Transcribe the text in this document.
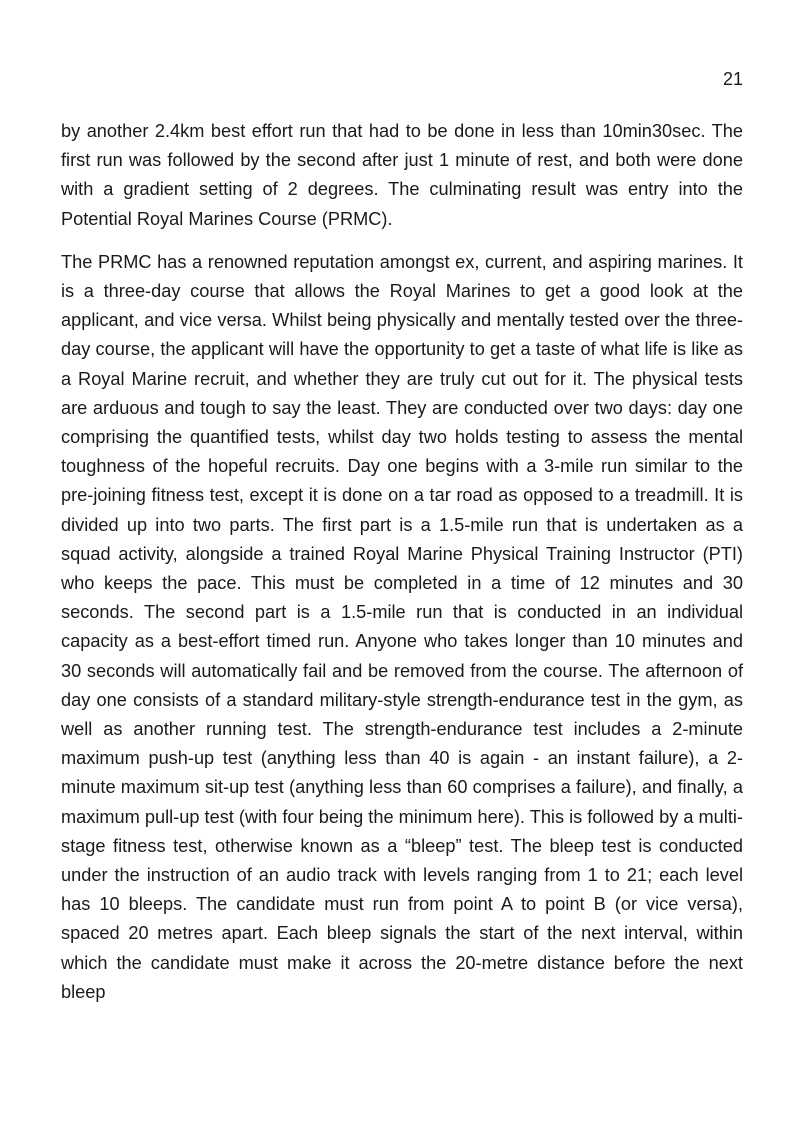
21

by another 2.4km best effort run that had to be done in less than 10min30sec. The first run was followed by the second after just 1 minute of rest, and both were done with a gradient setting of 2 degrees. The culminating result was entry into the Potential Royal Marines Course (PRMC).

The PRMC has a renowned reputation amongst ex, current, and aspiring marines. It is a three-day course that allows the Royal Marines to get a good look at the applicant, and vice versa. Whilst being physically and mentally tested over the three-day course, the applicant will have the opportunity to get a taste of what life is like as a Royal Marine recruit, and whether they are truly cut out for it. The physical tests are arduous and tough to say the least. They are conducted over two days: day one comprising the quantified tests, whilst day two holds testing to assess the mental toughness of the hopeful recruits. Day one begins with a 3-mile run similar to the pre-joining fitness test, except it is done on a tar road as opposed to a treadmill. It is divided up into two parts. The first part is a 1.5-mile run that is undertaken as a squad activity, alongside a trained Royal Marine Physical Training Instructor (PTI) who keeps the pace. This must be completed in a time of 12 minutes and 30 seconds. The second part is a 1.5-mile run that is conducted in an individual capacity as a best-effort timed run. Anyone who takes longer than 10 minutes and 30 seconds will automatically fail and be removed from the course. The afternoon of day one consists of a standard military-style strength-endurance test in the gym, as well as another running test. The strength-endurance test includes a 2-minute maximum push-up test (anything less than 40 is again - an instant failure), a 2-minute maximum sit-up test (anything less than 60 comprises a failure), and finally, a maximum pull-up test (with four being the minimum here). This is followed by a multi-stage fitness test, otherwise known as a “bleep” test. The bleep test is conducted under the instruction of an audio track with levels ranging from 1 to 21; each level has 10 bleeps. The candidate must run from point A to point B (or vice versa), spaced 20 metres apart. Each bleep signals the start of the next interval, within which the candidate must make it across the 20-metre distance before the next bleep
